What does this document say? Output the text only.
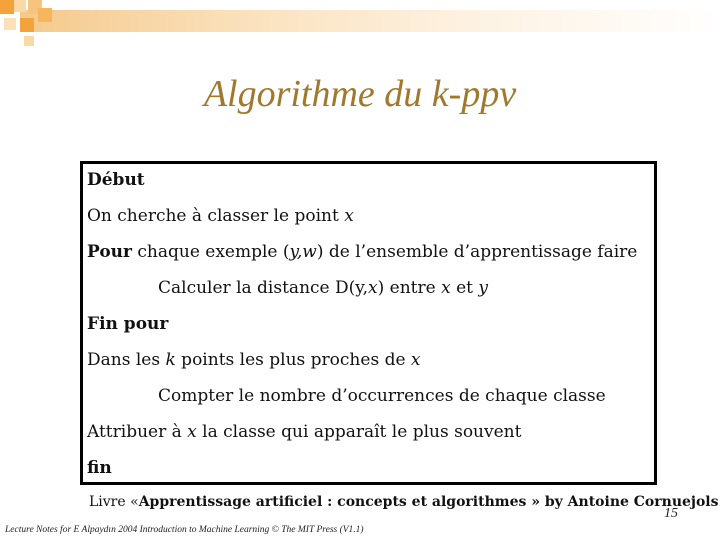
Algorithme du k-ppv
Début
On cherche à classer le point x
Pour chaque exemple (y,w) de l’ensemble d’apprentissage faire
Calculer la distance D(y,x) entre x et y
Fin pour
Dans les k points les plus proches de x
Compter le nombre d’occurrences de chaque classe
Attribuer à x la classe qui apparaît le plus souvent
fin
Livre «Apprentissage artificiel : concepts et algorithmes » by Antoine Cornuejols
15
Lecture Notes for E Alpaydın 2004 Introduction to Machine Learning © The MIT Press (V1.1)
